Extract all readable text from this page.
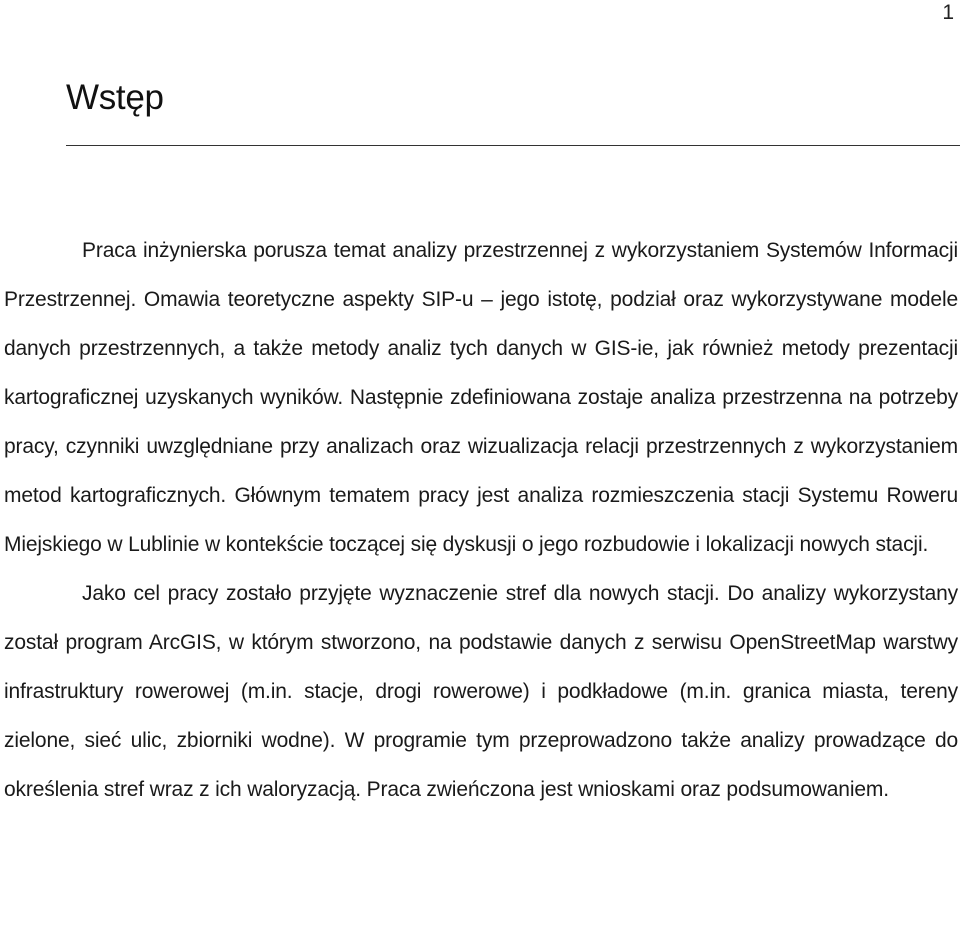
1
Wstęp

Praca inżynierska porusza temat analizy przestrzennej z wykorzystaniem Systemów Informacji Przestrzennej. Omawia teoretyczne aspekty SIP-u – jego istotę, podział oraz wykorzystywane modele danych przestrzennych, a także metody analiz tych danych w GIS-ie, jak również metody prezentacji kartograficznej uzyskanych wyników. Następnie zdefiniowana zostaje analiza przestrzenna na potrzeby pracy, czynniki uwzględniane przy analizach oraz wizualizacja relacji przestrzennych z wykorzystaniem metod kartograficznych. Głównym tematem pracy jest analiza rozmieszczenia stacji Systemu Roweru Miejskiego w Lublinie w kontekście toczącej się dyskusji o jego rozbudowie i lokalizacji nowych stacji.

Jako cel pracy zostało przyjęte wyznaczenie stref dla nowych stacji. Do analizy wykorzystany został program ArcGIS, w którym stworzono, na podstawie danych z serwisu OpenStreetMap warstwy infrastruktury rowerowej (m.in. stacje, drogi rowerowe) i podkładowe (m.in. granica miasta, tereny zielone, sieć ulic, zbiorniki wodne). W programie tym przeprowadzono także analizy prowadzące do określenia stref wraz z ich waloryzacją. Praca zwieńczona jest wnioskami oraz podsumowaniem.
